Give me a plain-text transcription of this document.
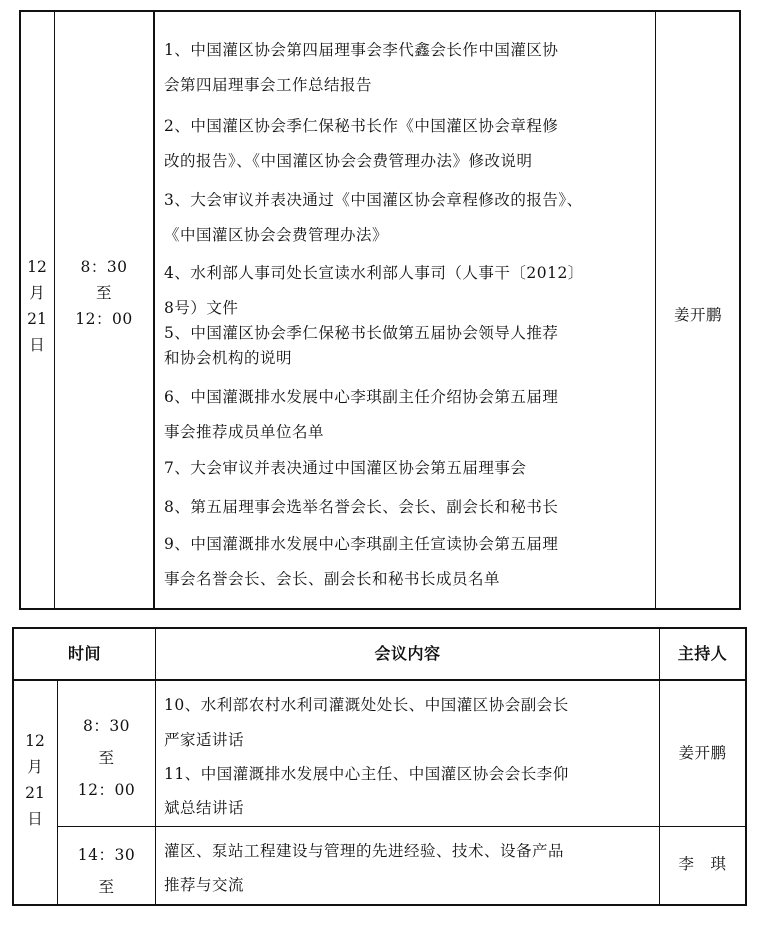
12
月
21
日
8：30
至
12：00
1、中国灌区协会第四届理事会李代鑫会长作中国灌区协
会第四届理事会工作总结报告
2、中国灌区协会季仁保秘书长作《中国灌区协会章程修
改的报告》、《中国灌区协会会费管理办法》修改说明
3、大会审议并表决通过《中国灌区协会章程修改的报告》、
《中国灌区协会会费管理办法》
4、水利部人事司处长宣读水利部人事司（人事干〔2012〕
8号）文件
5、中国灌区协会季仁保秘书长做第五届协会领导人推荐
和协会机构的说明
6、中国灌溉排水发展中心李琪副主任介绍协会第五届理
事会推荐成员单位名单
7、大会审议并表决通过中国灌区协会第五届理事会
8、第五届理事会选举名誉会长、会长、副会长和秘书长
9、中国灌溉排水发展中心李琪副主任宣读协会第五届理
事会名誉会长、会长、副会长和秘书长成员名单
姜开鹏
时间	会议内容	主持人
12
月
21
日
8：30
至
12：00
10、水利部农村水利司灌溉处处长、中国灌区协会副会长
严家适讲话
11、中国灌溉排水发展中心主任、中国灌区协会会长李仰
斌总结讲话
姜开鹏
14：30
至
灌区、泵站工程建设与管理的先进经验、技术、设备产品
推荐与交流
李　琪
